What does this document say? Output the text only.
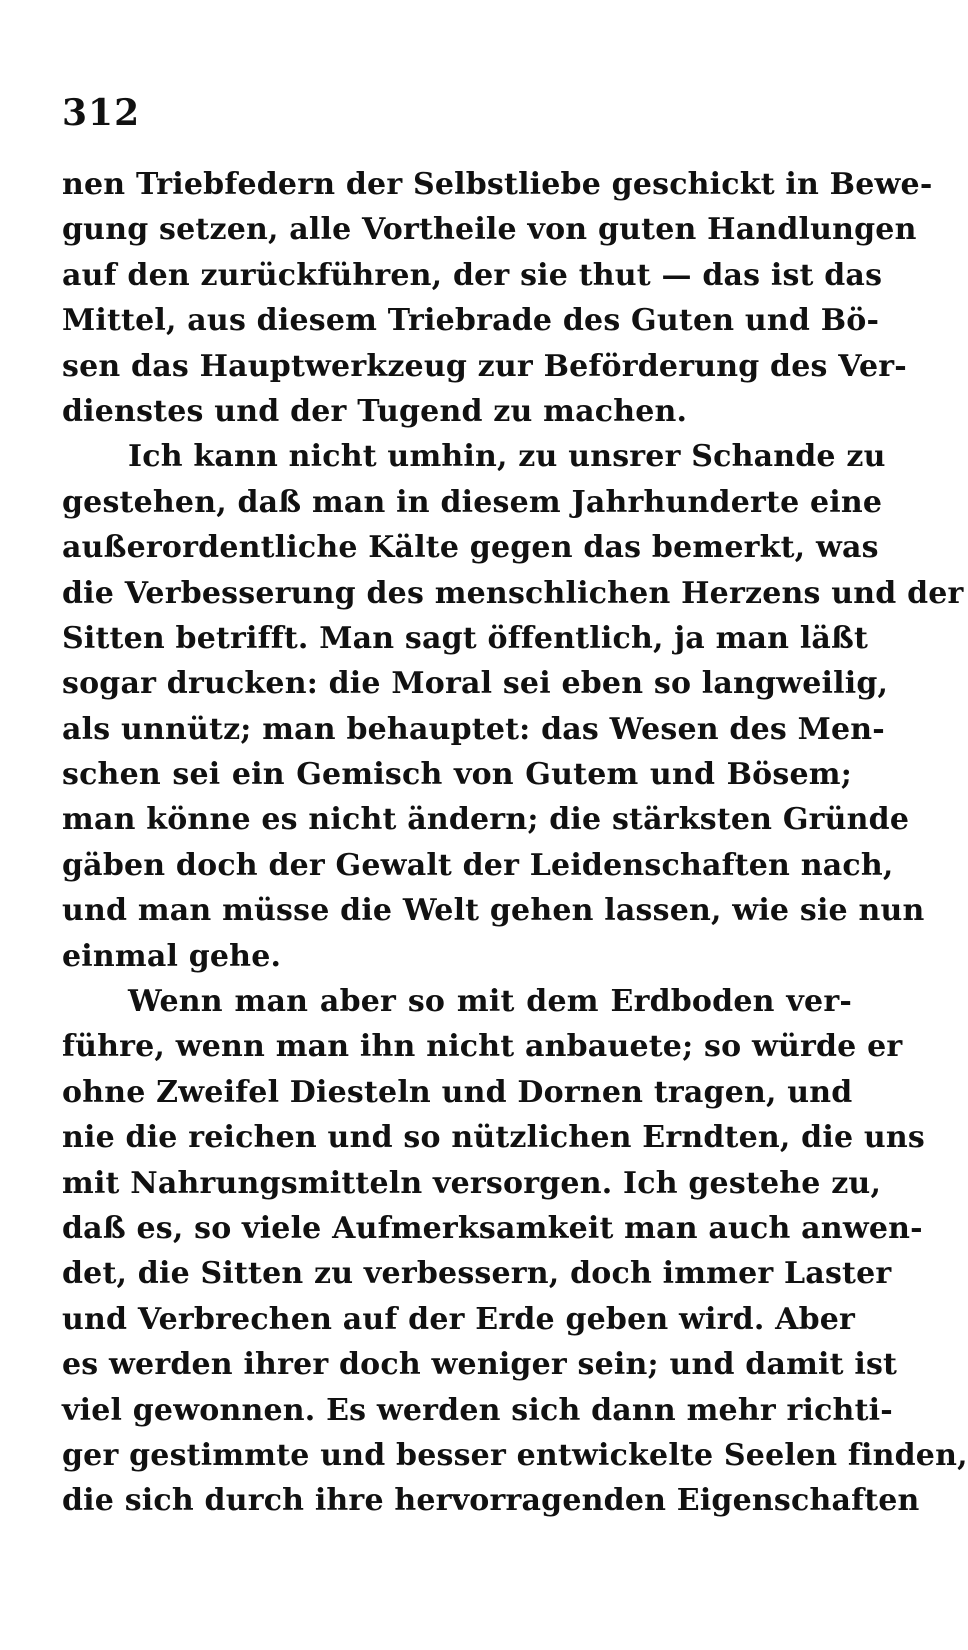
312
nen Triebfedern der Selbstliebe geschickt in Bewe-
gung setzen, alle Vortheile von guten Handlungen
auf den zurückführen, der sie thut — das ist das
Mittel, aus diesem Triebrade des Guten und Bö-
sen das Hauptwerkzeug zur Beförderung des Ver-
dienstes und der Tugend zu machen.
Ich kann nicht umhin, zu unsrer Schande zu
gestehen, daß man in diesem Jahrhunderte eine
außerordentliche Kälte gegen das bemerkt, was
die Verbesserung des menschlichen Herzens und der
Sitten betrifft. Man sagt öffentlich, ja man läßt
sogar drucken: die Moral sei eben so langweilig,
als unnütz; man behauptet: das Wesen des Men-
schen sei ein Gemisch von Gutem und Bösem;
man könne es nicht ändern; die stärksten Gründe
gäben doch der Gewalt der Leidenschaften nach,
und man müsse die Welt gehen lassen, wie sie nun
einmal gehe.
Wenn man aber so mit dem Erdboden ver-
führe, wenn man ihn nicht anbauete; so würde er
ohne Zweifel Diesteln und Dornen tragen, und
nie die reichen und so nützlichen Erndten, die uns
mit Nahrungsmitteln versorgen. Ich gestehe zu,
daß es, so viele Aufmerksamkeit man auch anwen-
det, die Sitten zu verbessern, doch immer Laster
und Verbrechen auf der Erde geben wird. Aber
es werden ihrer doch weniger sein; und damit ist
viel gewonnen. Es werden sich dann mehr richti-
ger gestimmte und besser entwickelte Seelen finden,
die sich durch ihre hervorragenden Eigenschaften
